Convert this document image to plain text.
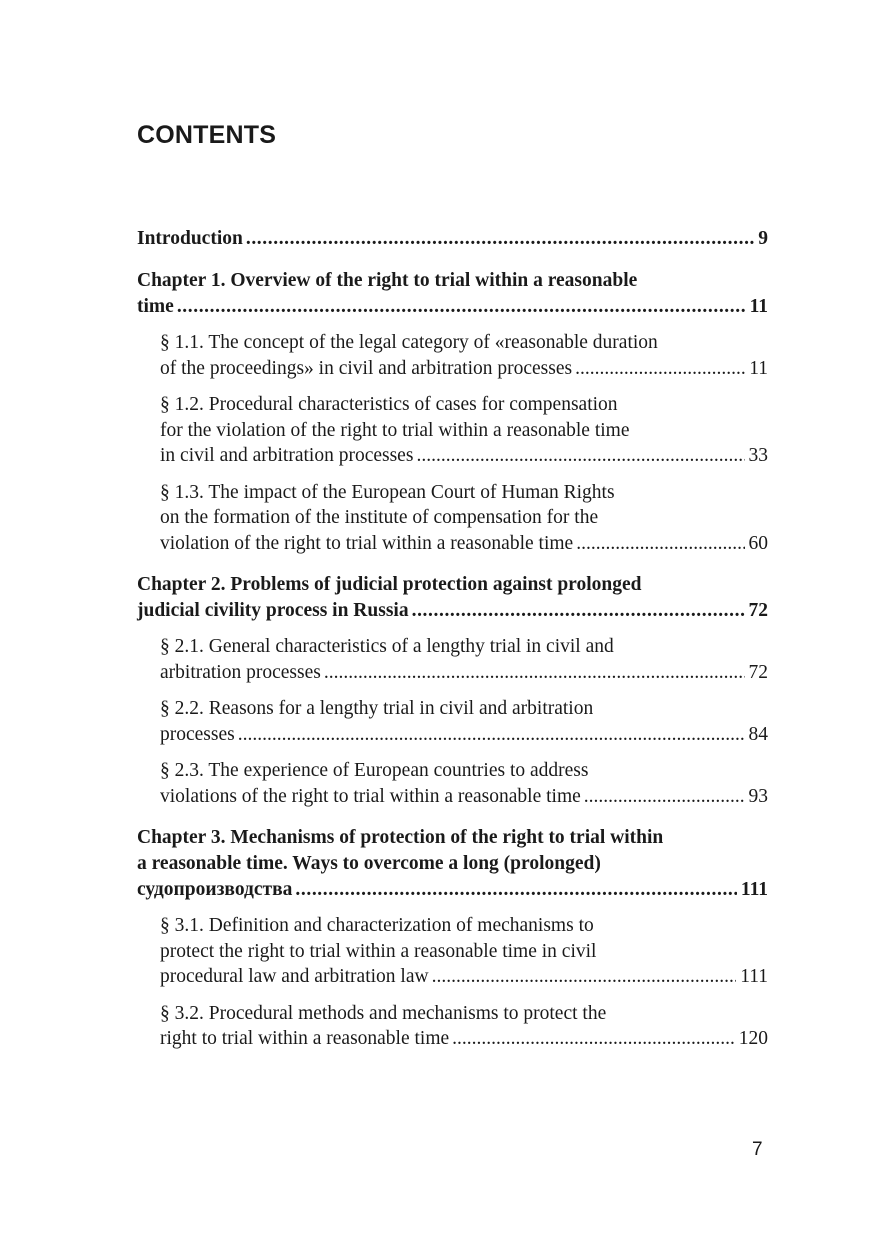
CONTENTS
Introduction .....	9
Chapter 1. Overview of the right to trial within a reasonable
time .....	11
§ 1.1. The concept of the legal category of «reasonable duration
of the proceedings» in civil and arbitration processes .....	11
§ 1.2. Procedural characteristics of cases for compensation
for the violation of the right to trial within a reasonable time
in civil and arbitration processes .....	33
§ 1.3. The impact of the European Court of Human Rights
on the formation of the institute of compensation for the
violation of the right to trial within a reasonable time .....	60
Chapter 2. Problems of judicial protection against prolonged
judicial civility process in Russia .....	72
§ 2.1. General characteristics of a lengthy trial in civil and
arbitration processes .....	72
§ 2.2. Reasons for a lengthy trial in civil and arbitration
processes .....	84
§ 2.3. The experience of European countries to address
violations of the right to trial within a reasonable time .....	93
Chapter 3. Mechanisms of protection of the right to trial within
a reasonable time. Ways to overcome a long (prolonged)
судопроизводства .....	111
§ 3.1. Definition and characterization of mechanisms to
protect the right to trial within a reasonable time in civil
procedural law and arbitration law .....	111
§ 3.2. Procedural methods and mechanisms to protect the
right to trial within a reasonable time .....	120
7
